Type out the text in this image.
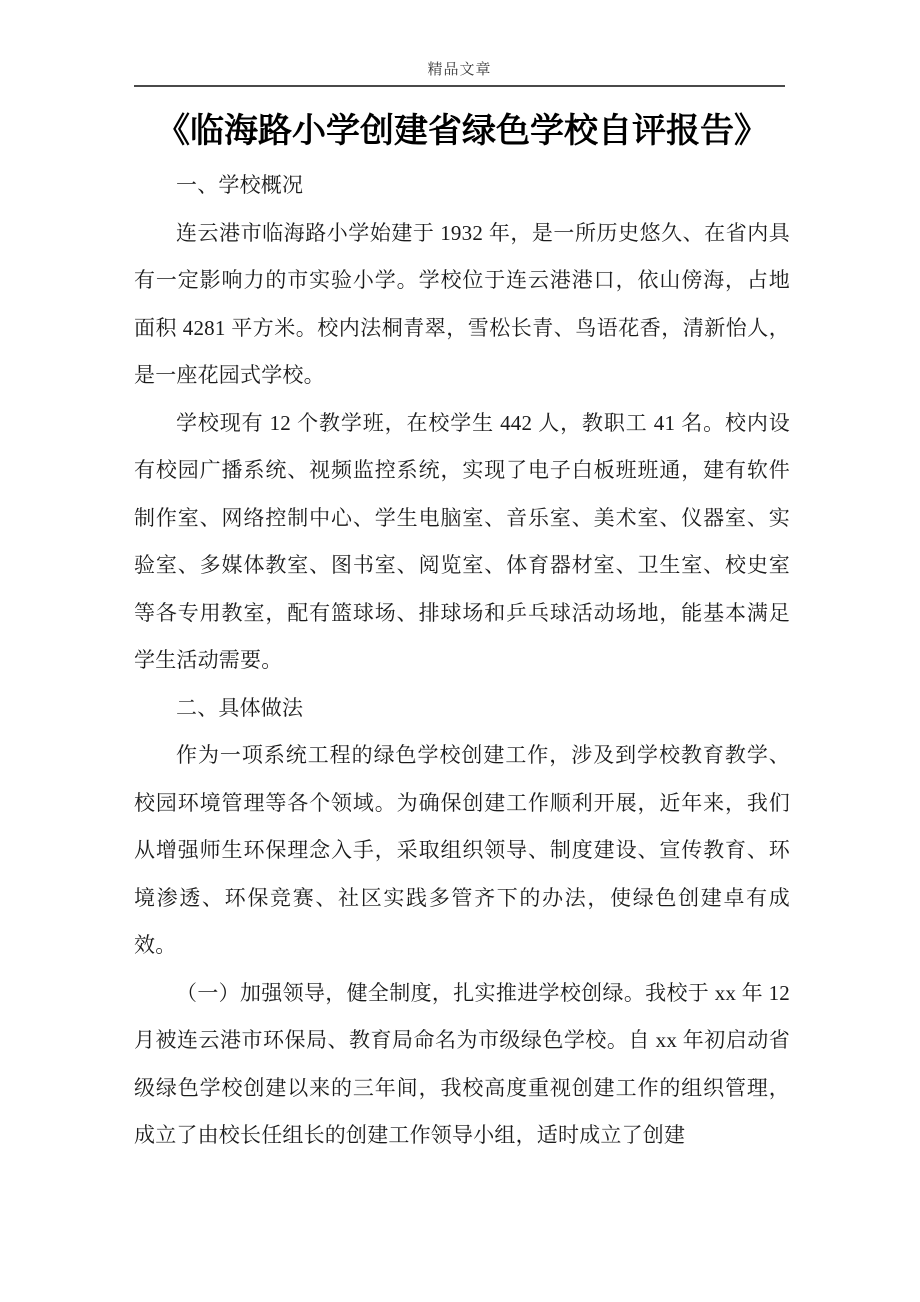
精品文章
《临海路小学创建省绿色学校自评报告》

一、学校概况

连云港市临海路小学始建于 1932 年，是一所历史悠久、在省内具有一定影响力的市实验小学。学校位于连云港港口，依山傍海，占地面积 4281 平方米。校内法桐青翠，雪松长青、鸟语花香，清新怡人，是一座花园式学校。

学校现有 12 个教学班，在校学生 442 人，教职工 41 名。校内设有校园广播系统、视频监控系统，实现了电子白板班班通，建有软件制作室、网络控制中心、学生电脑室、音乐室、美术室、仪器室、实验室、多媒体教室、图书室、阅览室、体育器材室、卫生室、校史室等各专用教室，配有篮球场、排球场和乒乓球活动场地，能基本满足学生活动需要。

二、具体做法

作为一项系统工程的绿色学校创建工作，涉及到学校教育教学、校园环境管理等各个领域。为确保创建工作顺利开展，近年来，我们从增强师生环保理念入手，采取组织领导、制度建设、宣传教育、环境渗透、环保竞赛、社区实践多管齐下的办法，使绿色创建卓有成效。

（一）加强领导，健全制度，扎实推进学校创绿。我校于 xx 年 12 月被连云港市环保局、教育局命名为市级绿色学校。自 xx 年初启动省级绿色学校创建以来的三年间，我校高度重视创建工作的组织管理，成立了由校长任组长的创建工作领导小组，适时成立了创建
